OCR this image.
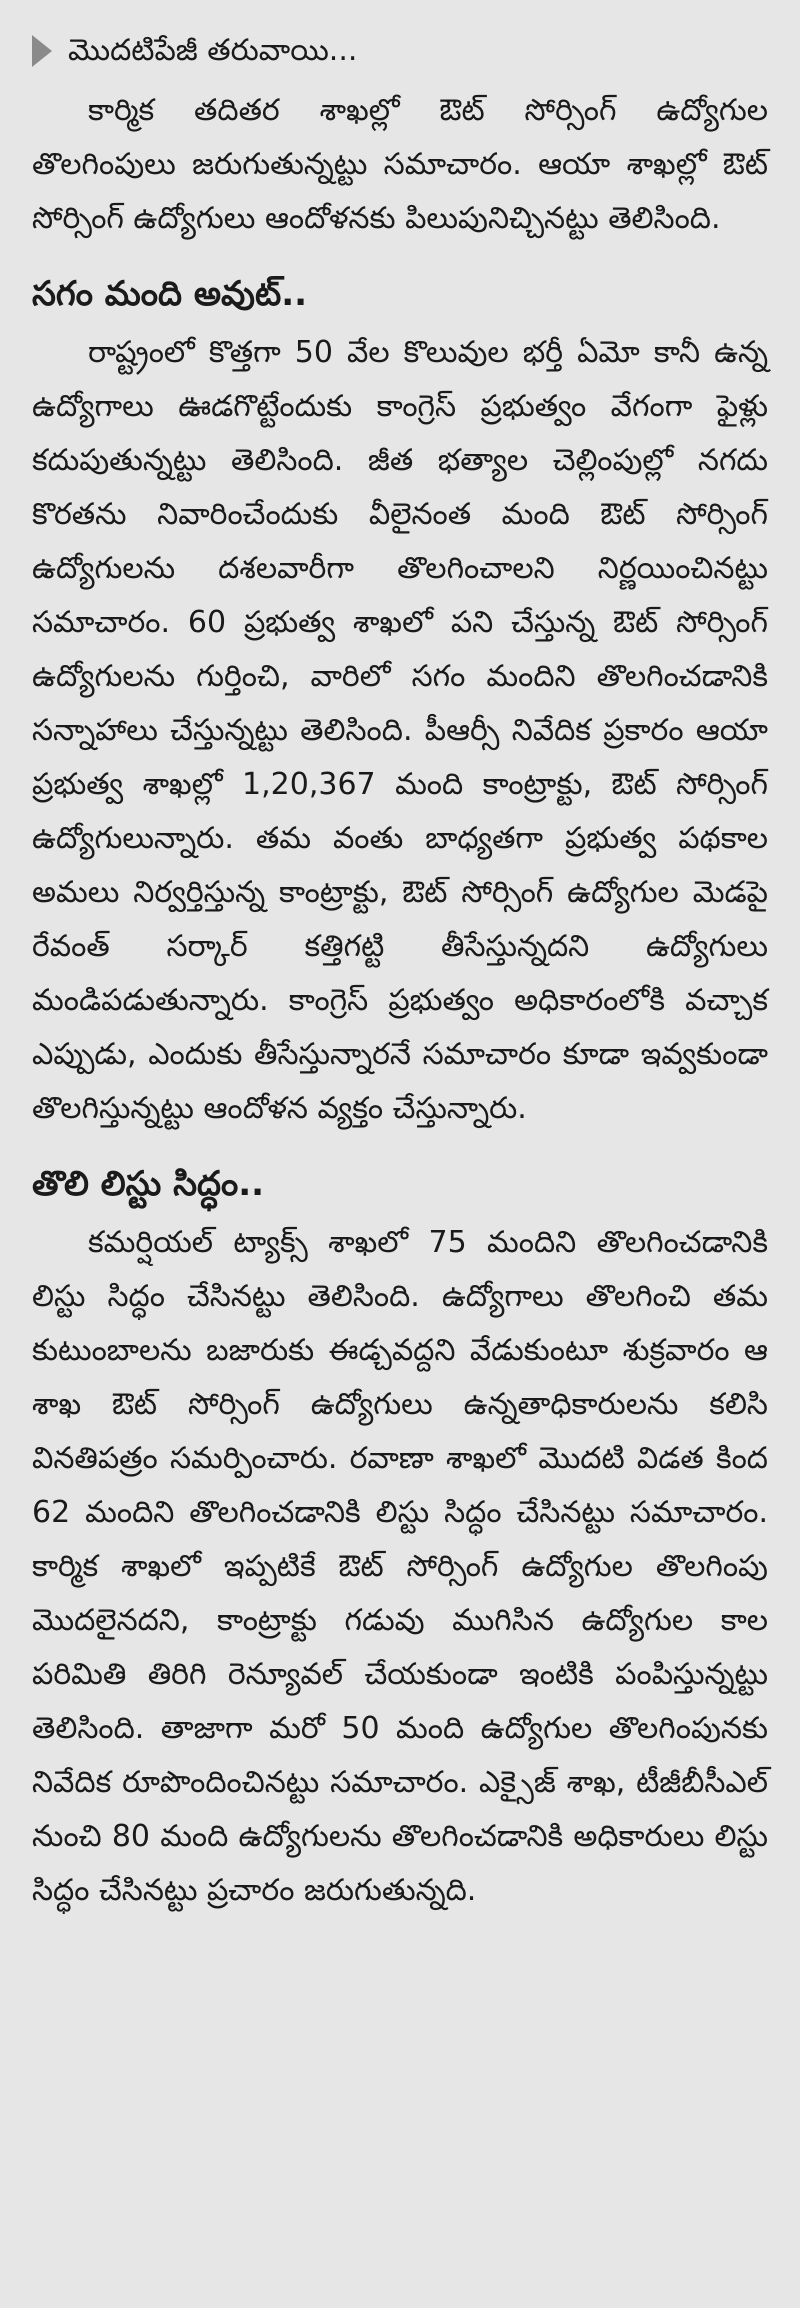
మొదటిపేజీ తరువాయి...

కార్మిక తదితర శాఖల్లో ఔట్ సోర్సింగ్ ఉద్యోగుల తొలగింపులు జరుగుతున్నట్టు సమాచారం. ఆయా శాఖల్లో ఔట్ సోర్సింగ్ ఉద్యోగులు ఆందోళనకు పిలుపునిచ్చినట్టు తెలిసింది.

సగం మంది అవుట్..

రాష్ట్రంలో కొత్తగా 50 వేల కొలువుల భర్తీ ఏమో కానీ ఉన్న ఉద్యోగాలు ఊడగొట్టేందుకు కాంగ్రెస్ ప్రభుత్వం వేగంగా ఫైళ్లు కదుపుతున్నట్టు తెలిసింది. జీత భత్యాల చెల్లింపుల్లో నగదు కొరతను నివారించేందుకు వీలైనంత మంది ఔట్ సోర్సింగ్ ఉద్యోగులను దశలవారీగా తొలగించాలని నిర్ణయించినట్టు సమాచారం. 60 ప్రభుత్వ శాఖలో పని చేస్తున్న ఔట్ సోర్సింగ్ ఉద్యోగులను గుర్తించి, వారిలో సగం మందిని తొలగించడానికి సన్నాహాలు చేస్తున్నట్టు తెలిసింది. పీఆర్సీ నివేదిక ప్రకారం ఆయా ప్రభుత్వ శాఖల్లో 1,20,367 మంది కాంట్రాక్టు, ఔట్ సోర్సింగ్ ఉద్యోగులున్నారు. తమ వంతు బాధ్యతగా ప్రభుత్వ పథకాల అమలు నిర్వర్తిస్తున్న కాంట్రాక్టు, ఔట్ సోర్సింగ్ ఉద్యోగుల మెడపై రేవంత్ సర్కార్ కత్తిగట్టి తీసేస్తున్నదని ఉద్యోగులు మండిపడుతున్నారు. కాంగ్రెస్ ప్రభుత్వం అధికారంలోకి వచ్చాక ఎప్పుడు, ఎందుకు తీసేస్తున్నారనే సమాచారం కూడా ఇవ్వకుండా తొలగిస్తున్నట్టు ఆందోళన వ్యక్తం చేస్తున్నారు.

తొలి లిస్టు సిద్ధం..

కమర్షియల్ ట్యాక్స్ శాఖలో 75 మందిని తొలగించడానికి లిస్టు సిద్ధం చేసినట్టు తెలిసింది. ఉద్యోగాలు తొలగించి తమ కుటుంబాలను బజారుకు ఈడ్చవద్దని వేడుకుంటూ శుక్రవారం ఆ శాఖ ఔట్ సోర్సింగ్ ఉద్యోగులు ఉన్నతాధికారులను కలిసి వినతిపత్రం సమర్పించారు. రవాణా శాఖలో మొదటి విడత కింద 62 మందిని తొలగించడానికి లిస్టు సిద్ధం చేసినట్టు సమాచారం. కార్మిక శాఖలో ఇప్పటికే ఔట్ సోర్సింగ్ ఉద్యోగుల తొలగింపు మొదలైనదని, కాంట్రాక్టు గడువు ముగిసిన ఉద్యోగుల కాల పరిమితి తిరిగి రెన్యూవల్ చేయకుండా ఇంటికి పంపిస్తున్నట్టు తెలిసింది. తాజాగా మరో 50 మంది ఉద్యోగుల తొలగింపునకు నివేదిక రూపొందించినట్టు సమాచారం. ఎక్సైజ్ శాఖ, టీజీబీసీఎల్ నుంచి 80 మంది ఉద్యోగులను తొలగించడానికి అధికారులు లిస్టు సిద్ధం చేసినట్టు ప్రచారం జరుగుతున్నది.
